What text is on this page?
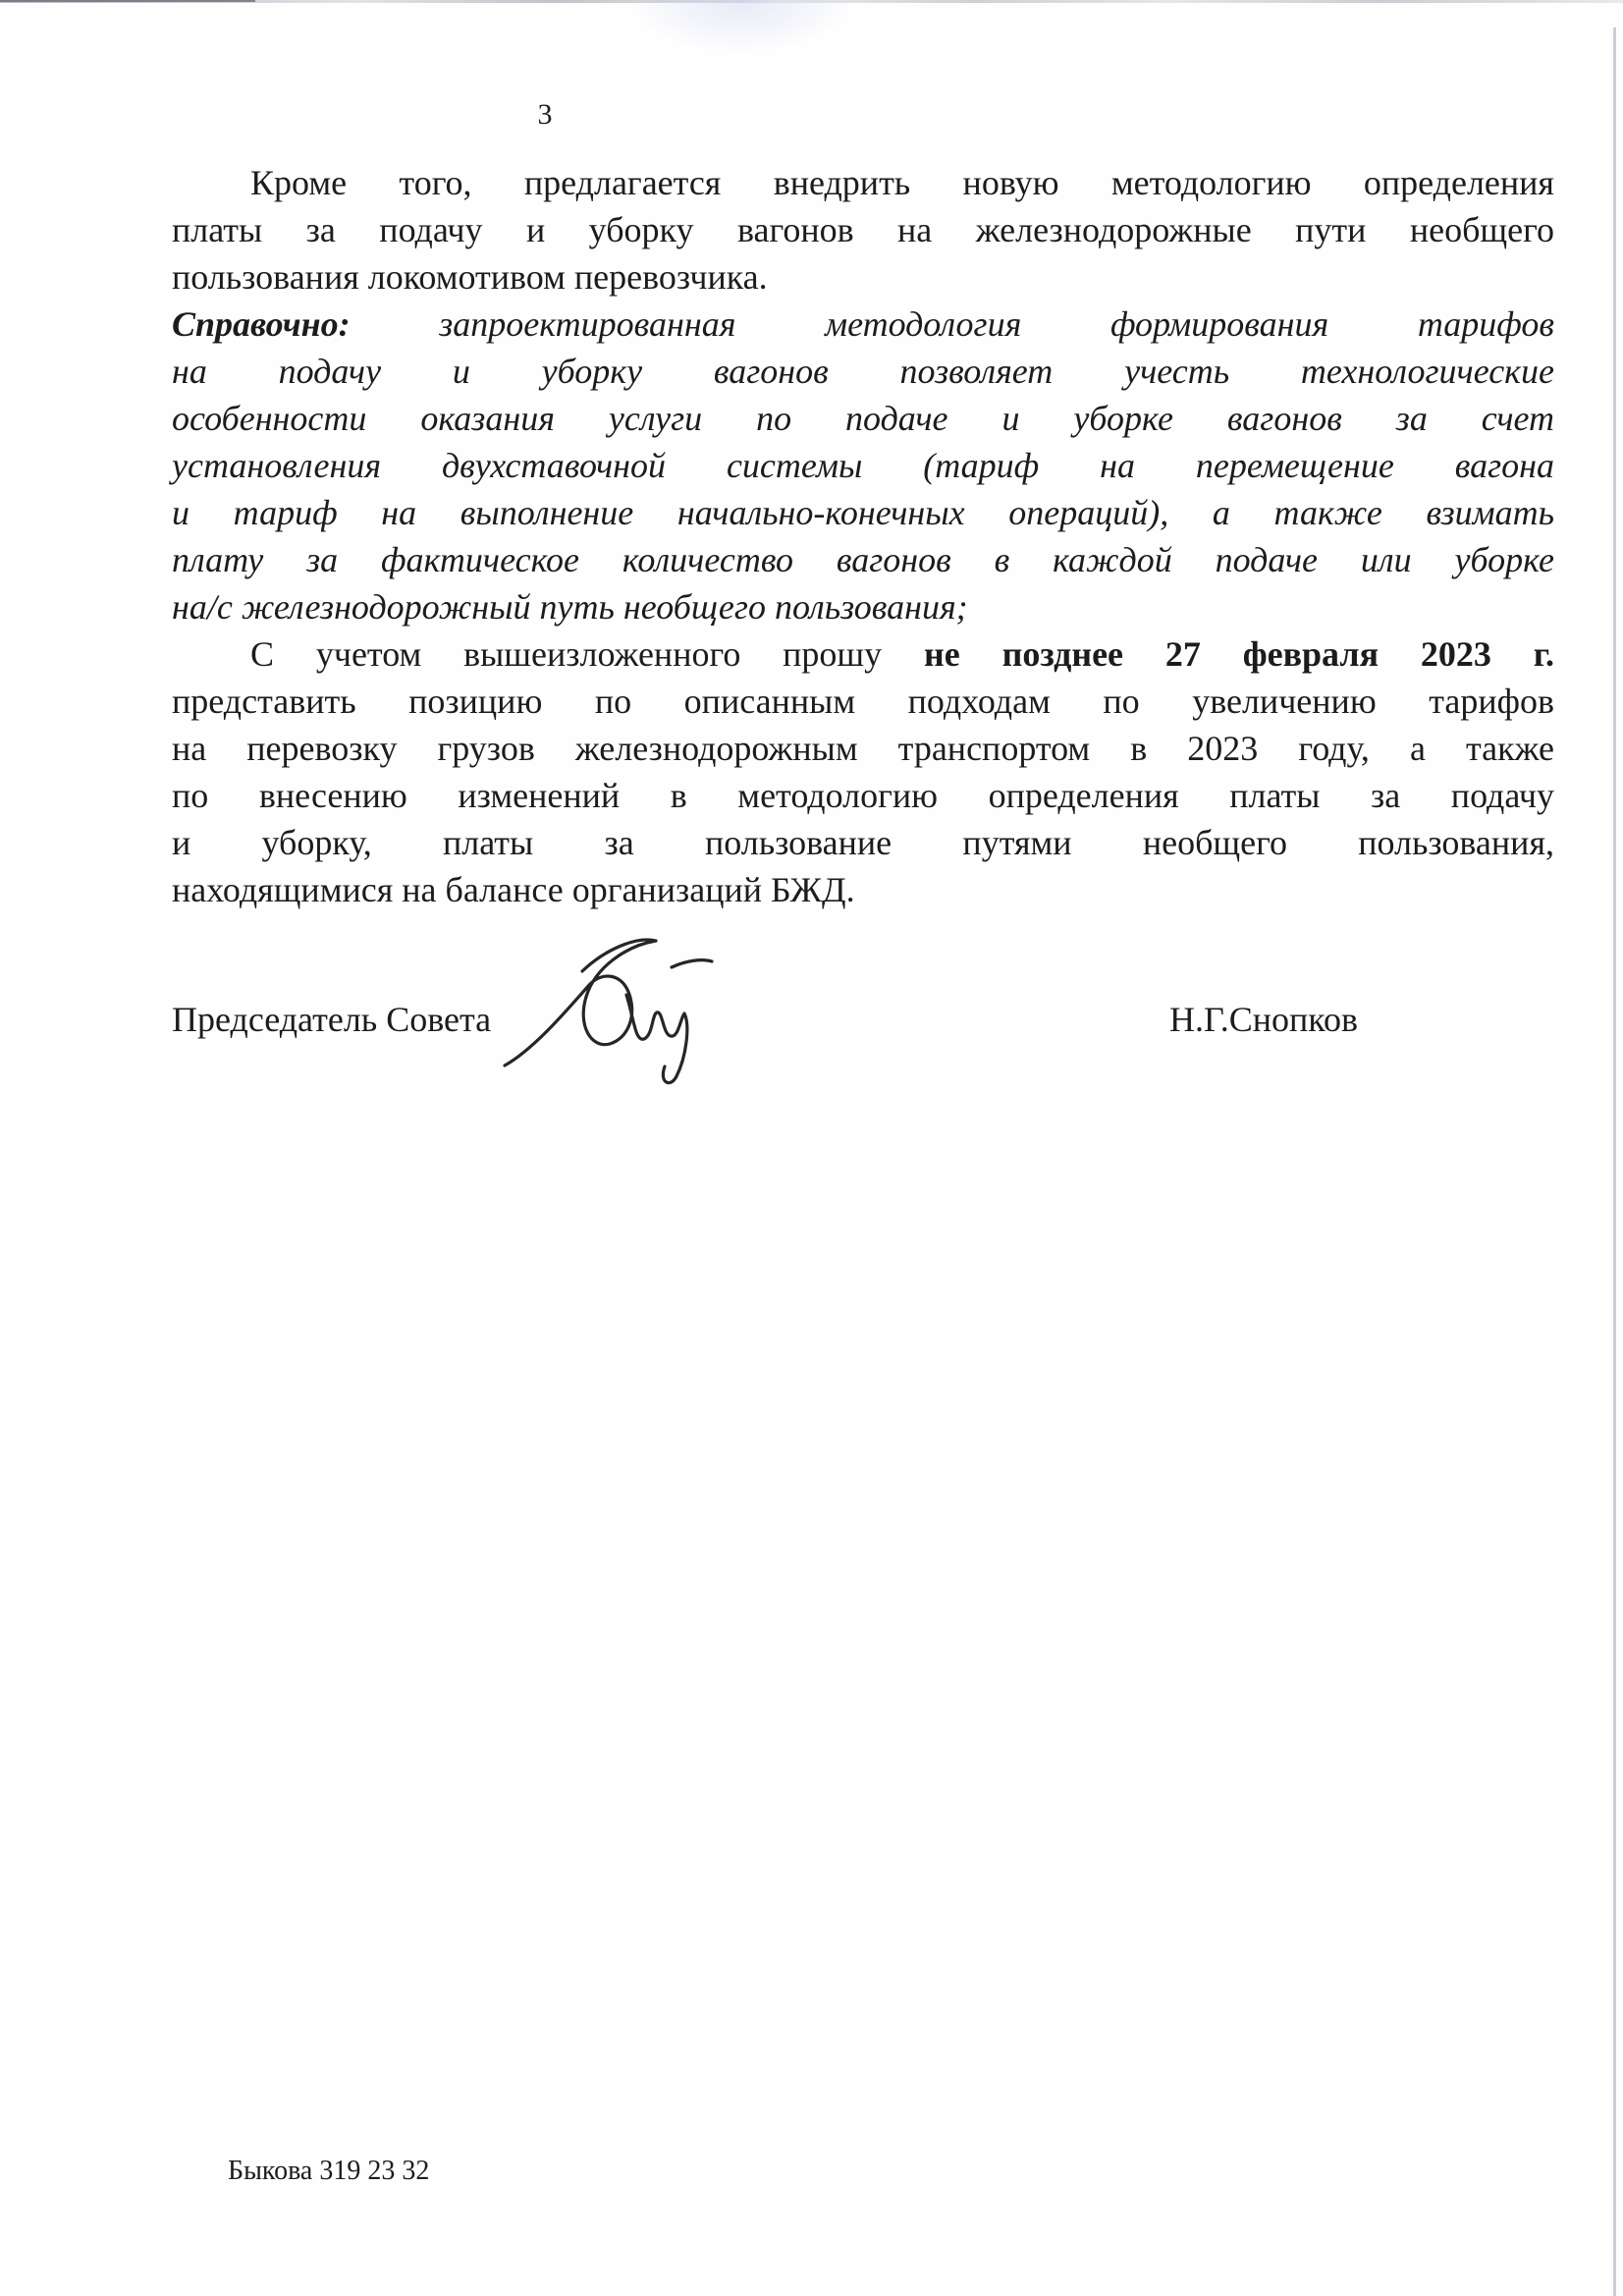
3
Кроме того, предлагается внедрить новую методологию определения
платы за подачу и уборку вагонов на железнодорожные пути необщего
пользования локомотивом перевозчика.
Справочно:	запроектированная методология формирования тарифов
на подачу и уборку вагонов позволяет учесть технологические
особенности оказания услуги по подаче и уборке вагонов за счет
установления двухставочной системы (тариф на перемещение вагона
и тариф на выполнение начально-конечных операций), а также взимать
плату за фактическое количество вагонов в каждой подаче или уборке
на/с железнодорожный путь необщего пользования;
С учетом вышеизложенного прошу не позднее 27 февраля 2023 г.
представить позицию по описанным подходам по увеличению тарифов
на перевозку грузов железнодорожным транспортом в 2023 году, а также
по внесению изменений в методологию определения платы за подачу
и уборку, платы за пользование путями необщего пользования,
находящимися на балансе организаций БЖД.
Председатель Совета	Н.Г.Снопков
Быкова 319 23 32
